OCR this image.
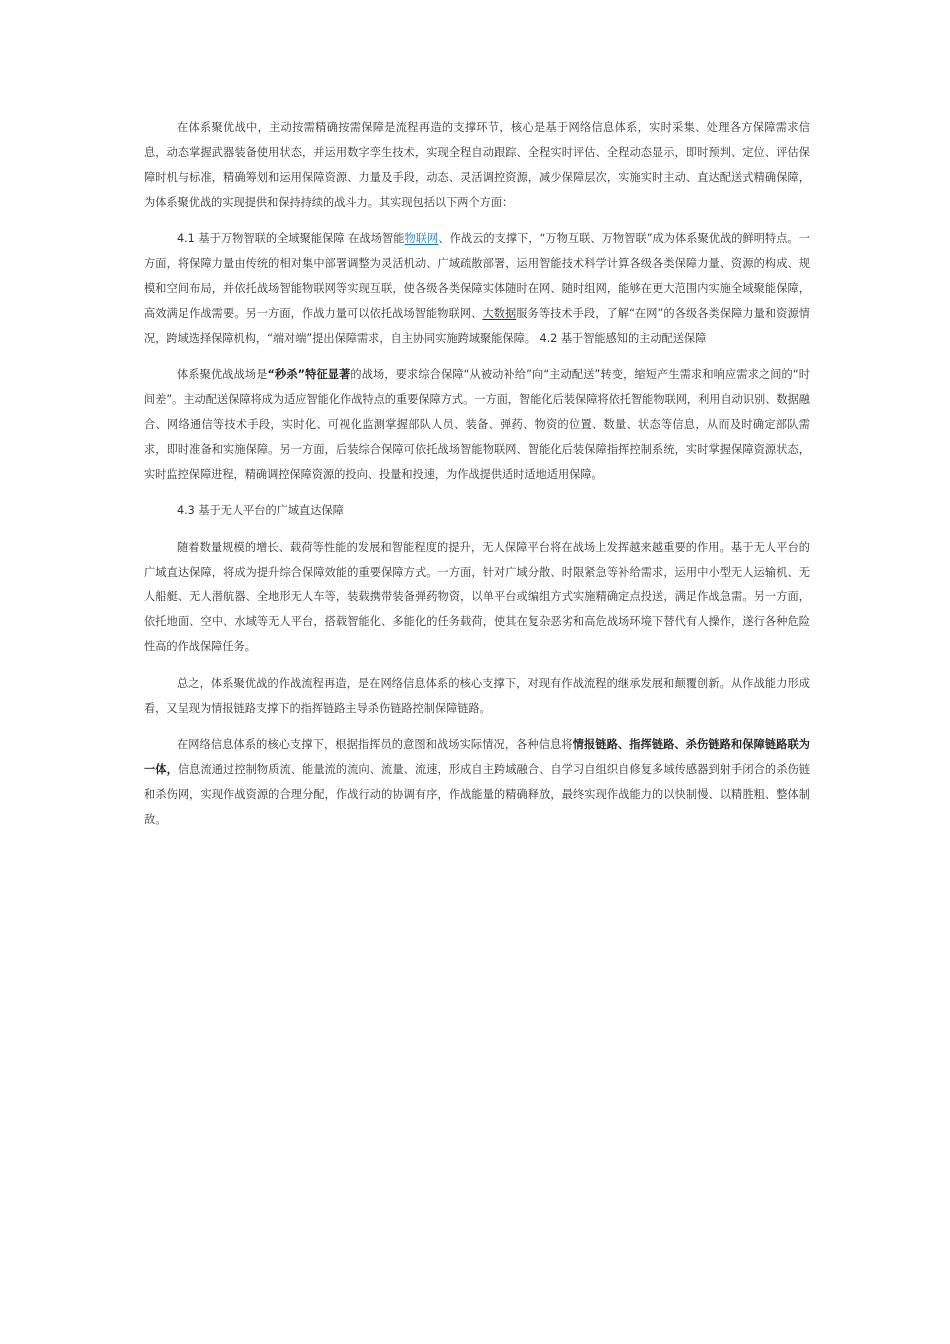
在体系聚优战中，主动按需精确按需保障是流程再造的支撑环节，核心是基于网络信息体系，实时采集、处理各方保障需求信息，动态掌握武器装备使用状态，并运用数字孪生技术，实现全程自动跟踪、全程实时评估、全程动态显示，即时预判、定位、评估保障时机与标准，精确筹划和运用保障资源、力量及手段，动态、灵活调控资源，减少保障层次，实施实时主动、直达配送式精确保障，为体系聚优战的实现提供和保持持续的战斗力。其实现包括以下两个方面：

4.1 基于万物智联的全域聚能保障 在战场智能物联网、作战云的支撑下，“万物互联、万物智联”成为体系聚优战的鲜明特点。一方面，将保障力量由传统的相对集中部署调整为灵活机动、广域疏散部署，运用智能技术科学计算各级各类保障力量、资源的构成、规模和空间布局，并依托战场智能物联网等实现互联，使各级各类保障实体随时在网、随时组网，能够在更大范围内实施全域聚能保障，高效满足作战需要。另一方面，作战力量可以依托战场智能物联网、大数据服务等技术手段，了解“在网”的各级各类保障力量和资源情况，跨域选择保障机构，“端对端”提出保障需求，自主协同实施跨域聚能保障。 4.2 基于智能感知的主动配送保障

体系聚优战战场是“秒杀”特征显著的战场，要求综合保障“从被动补给”向“主动配送”转变，缩短产生需求和响应需求之间的“时间差”。主动配送保障将成为适应智能化作战特点的重要保障方式。一方面，智能化后装保障将依托智能物联网，利用自动识别、数据融合、网络通信等技术手段，实时化、可视化监测掌握部队人员、装备、弹药、物资的位置、数量、状态等信息，从而及时确定部队需求，即时准备和实施保障。另一方面，后装综合保障可依托战场智能物联网、智能化后装保障指挥控制系统，实时掌握保障资源状态，实时监控保障进程，精确调控保障资源的投向、投量和投速，为作战提供适时适地适用保障。

4.3 基于无人平台的广域直达保障

随着数量规模的增长、载荷等性能的发展和智能程度的提升，无人保障平台将在战场上发挥越来越重要的作用。基于无人平台的广域直达保障，将成为提升综合保障效能的重要保障方式。一方面，针对广域分散、时限紧急等补给需求，运用中小型无人运输机、无人船艇、无人潜航器、全地形无人车等，装载携带装备弹药物资，以单平台或编组方式实施精确定点投送，满足作战急需。另一方面，依托地面、空中、水域等无人平台，搭载智能化、多能化的任务载荷，使其在复杂恶劣和高危战场环境下替代有人操作，遂行各种危险性高的作战保障任务。

总之，体系聚优战的作战流程再造，是在网络信息体系的核心支撑下，对现有作战流程的继承发展和颠覆创新。从作战能力形成看，又呈现为情报链路支撑下的指挥链路主导杀伤链路控制保障链路。

在网络信息体系的核心支撑下，根据指挥员的意图和战场实际情况，各种信息将情报链路、指挥链路、杀伤链路和保障链路联为一体，信息流通过控制物质流、能量流的流向、流量、流速，形成自主跨域融合、自学习自组织自修复多域传感器到射手闭合的杀伤链和杀伤网，实现作战资源的合理分配，作战行动的协调有序，作战能量的精确释放，最终实现作战能力的以快制慢、以精胜粗、整体制敌。
